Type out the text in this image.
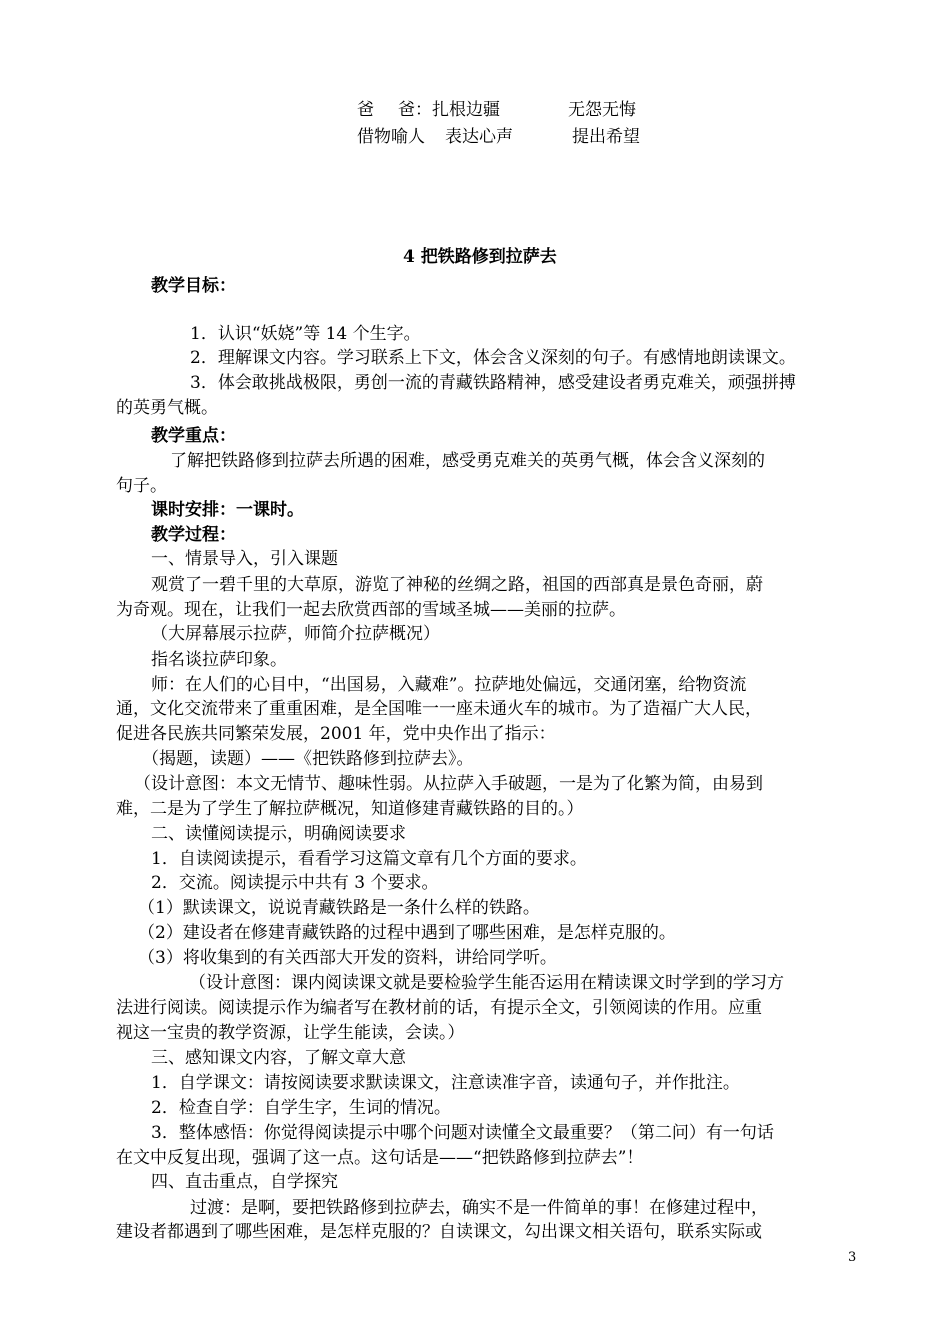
爸 爸：扎根边疆	无怨无悔
借物喻人 表达心声	提出希望
4 把铁路修到拉萨去
教学目标：
1．认识“妖娆”等 14 个生字。
2．理解课文内容。学习联系上下文，体会含义深刻的句子。有感情地朗读课文。
3．体会敢挑战极限，勇创一流的青藏铁路精神，感受建设者勇克难关，顽强拼搏
的英勇气概。
教学重点：
了解把铁路修到拉萨去所遇的困难，感受勇克难关的英勇气概，体会含义深刻的
句子。
课时安排：一课时。
教学过程：
一、情景导入，引入课题
观赏了一碧千里的大草原，游览了神秘的丝绸之路，祖国的西部真是景色奇丽，蔚
为奇观。现在，让我们一起去欣赏西部的雪域圣城——美丽的拉萨。
（大屏幕展示拉萨，师简介拉萨概况）
指名谈拉萨印象。
师：在人们的心目中，“出国易，入藏难”。拉萨地处偏远，交通闭塞，给物资流
通，文化交流带来了重重困难，是全国唯一一座未通火车的城市。为了造福广大人民，
促进各民族共同繁荣发展，2001 年，党中央作出了指示：
（揭题，读题）——《把铁路修到拉萨去》。
（设计意图：本文无情节、趣味性弱。从拉萨入手破题，一是为了化繁为简，由易到
难，二是为了学生了解拉萨概况，知道修建青藏铁路的目的。）
二、读懂阅读提示，明确阅读要求
1．自读阅读提示，看看学习这篇文章有几个方面的要求。
2．交流。阅读提示中共有 3 个要求。
（1）默读课文，说说青藏铁路是一条什么样的铁路。
（2）建设者在修建青藏铁路的过程中遇到了哪些困难，是怎样克服的。
（3）将收集到的有关西部大开发的资料，讲给同学听。
（设计意图：课内阅读课文就是要检验学生能否运用在精读课文时学到的学习方
法进行阅读。阅读提示作为编者写在教材前的话，有提示全文，引领阅读的作用。应重
视这一宝贵的教学资源，让学生能读，会读。）
三、感知课文内容，了解文章大意
1．自学课文：请按阅读要求默读课文，注意读准字音，读通句子，并作批注。
2．检查自学：自学生字，生词的情况。
3．整体感悟：你觉得阅读提示中哪个问题对读懂全文最重要？（第二问）有一句话
在文中反复出现，强调了这一点。这句话是——“把铁路修到拉萨去”！
四、直击重点，自学探究
过渡：是啊，要把铁路修到拉萨去，确实不是一件简单的事！在修建过程中，
建设者都遇到了哪些困难，是怎样克服的？自读课文，勾出课文相关语句，联系实际或
3
